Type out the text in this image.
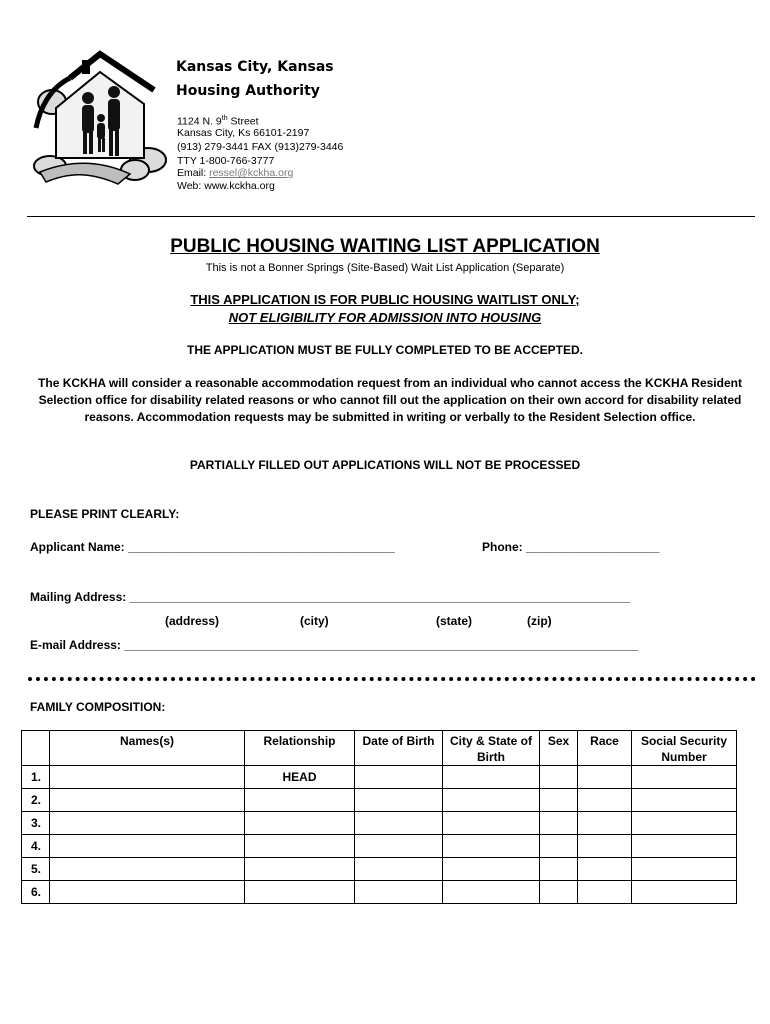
Kansas City, Kansas
Housing Authority
1124 N. 9th Street
Kansas City, Ks 66101-2197
(913) 279-3441 FAX (913)279-3446
TTY 1-800-766-3777
Email: ressel@kckha.org
Web: www.kckha.org
PUBLIC HOUSING WAITING LIST APPLICATION
This is not a Bonner Springs (Site-Based) Wait List Application (Separate)
THIS APPLICATION IS FOR PUBLIC HOUSING WAITLIST ONLY;
NOT ELIGIBILITY FOR ADMISSION INTO HOUSING
THE APPLICATION MUST BE FULLY COMPLETED TO BE ACCEPTED.
The KCKHA will consider a reasonable accommodation request from an individual who cannot access the KCKHA Resident Selection office for disability related reasons or who cannot fill out the application on their own accord for disability related reasons. Accommodation requests may be submitted in writing or verbally to the Resident Selection office.
PARTIALLY FILLED OUT APPLICATIONS WILL NOT BE PROCESSED
PLEASE PRINT CLEARLY:
Applicant Name: ________________________________________	Phone: ____________________
Mailing Address: ___________________________________________________________________________
(address)	(city)	(state)	(zip)
E-mail Address: _____________________________________________________________________________
FAMILY COMPOSITION:
	Names(s)	Relationship	Date of Birth	City & State of Birth	Sex	Race	Social Security Number
1.		HEAD					
2.							
3.							
4.							
5.							
6.							
